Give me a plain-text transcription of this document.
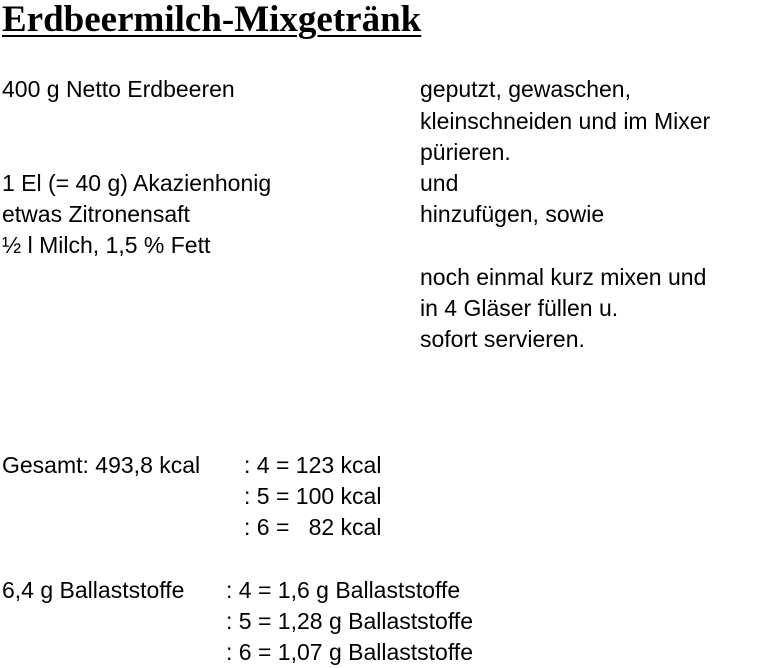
Erdbeermilch-Mixgetränk
400 g Netto Erdbeeren
1 El (= 40 g) Akazienhonig
etwas Zitronensaft
½ l Milch, 1,5 % Fett
geputzt, gewaschen,
kleinschneiden und im Mixer
pürieren.
und
hinzufügen, sowie
noch einmal kurz mixen und
in 4 Gläser füllen u.
sofort servieren.
Gesamt: 493,8 kcal : 4 = 123 kcal
: 5 = 100 kcal
: 6 =   82 kcal
6,4 g Ballaststoffe : 4 = 1,6 g Ballaststoffe
: 5 = 1,28 g Ballaststoffe
: 6 = 1,07 g Ballaststoffe
